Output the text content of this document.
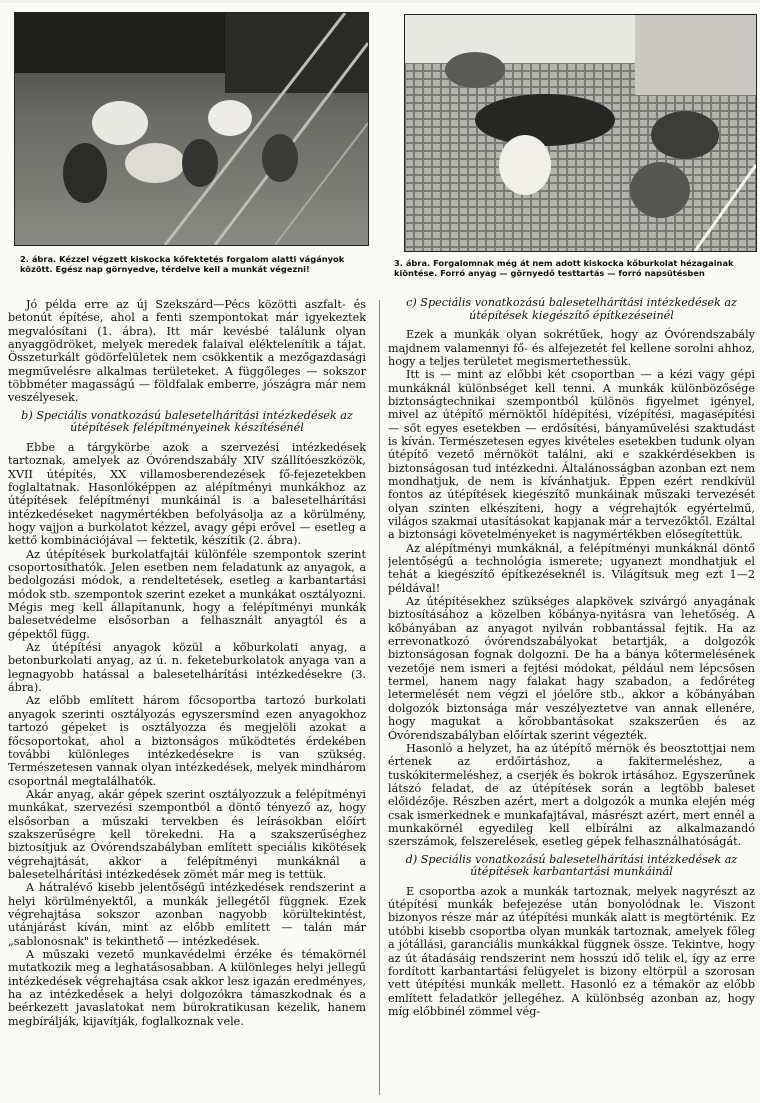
2. ábra. Kézzel végzett kiskocka kőfektetés forgalom alatti vágányok között. Egész nap görnyedve, térdelve kell a munkát végezni!

3. ábra. Forgalomnak még át nem adott kiskocka kőburkolat hézagainak kiöntése. Forró anyag — görnyedő testtartás — forró napsütésben

Jó példa erre az új Szekszárd—Pécs közötti aszfalt- és betonút építése, ahol a fenti szempontokat már igyekeztek megvalósítani (1. ábra). Itt már kevésbé találunk olyan anyaggödröket, melyek meredek falaival eléktelenítik a tájat. Összeturkált gödörfelületek nem csökkentik a mezőgazdasági megművelésre alkalmas területeket. A függőleges — sokszor többméter magasságú — földfalak emberre, jószágra már nem veszélyesek.

b) Speciális vonatkozású balesetelhárítási intézkedések az útépítések felépítményeinek készítésénél

Ebbe a tárgykörbe azok a szervezési intézkedések tartoznak, amelyek az Óvórendszabály XIV szállítóeszközök, XVII útépítés, XX villamosberendezések fő-fejezetekben foglaltatnak. Hasonlóképpen az alépítményi munkákhoz az útépítések felépítményi munkáinál is a balesetelhárítási intézkedéseket nagymértékben befolyásolja az a körülmény, hogy vajjon a burkolatot kézzel, avagy gépi erővel — esetleg a kettő kombinációjával — fektetik, készítik (2. ábra).

Az útépítések burkolatfajtái különféle szempontok szerint csoportosíthatók. Jelen esetben nem feladatunk az anyagok, a bedolgozási módok, a rendeltetések, esetleg a karbantartási módok stb. szempontok szerint ezeket a munkákat osztályozni. Mégis meg kell állapítanunk, hogy a felépítményi munkák balesetvédelme elsősorban a felhasznált anyagtól és a gépektől függ.

Az útépítési anyagok közül a kőburkolati anyag, a betonburkolati anyag, az ú. n. feketeburkolatok anyaga van a legnagyobb hatással a balesetelhárítási intézkedésekre (3. ábra).

Az előbb említett három főcsoportba tartozó burkolati anyagok szerinti osztályozás egyszersmind ezen anyagokhoz tartozó gépeket is osztályozza és megjelöli azokat a főcsoportokat, ahol a biztonságos működtetés érdekében további különleges intézkedésekre is van szükség. Természetesen vannak olyan intézkedések, melyek mindhárom csoportnál megtalálhatók.

Akár anyag, akár gépek szerint osztályozzuk a felépítményi munkákat, szervezési szempontból a döntő tényező az, hogy elsősorban a műszaki tervekben és leírásokban előírt szakszerűségre kell törekedni. Ha a szakszerűséghez biztosítjuk az Óvórendszabályban említett speciális kikötések végrehajtását, akkor a felépítményi munkáknál a balesetelhárítási intézkedések zömét már meg is tettük.

A hátralévő kisebb jelentőségű intézkedések rendszerint a helyi körülményektől, a munkák jellegétől függnek. Ezek végrehajtása sokszor azonban nagyobb körültekintést, utánjárást kíván, mint az előbb említett — talán már „sablonosnak" is tekinthető — intézkedések.

A műszaki vezető munkavédelmi érzéke és témakörnél mutatkozik meg a leghatásosabban. A különleges helyi jellegű intézkedések végrehajtása csak akkor lesz igazán eredményes, ha az intézkedések a helyi dolgozókra támaszkodnak és a beérkezett javaslatokat nem bürokratikusan kezelik, hanem megbírálják, kijavítják, foglalkoznak vele.

c) Speciális vonatkozású balesetelhárítási intézkedések az útépítések kiegészítő építkezéseinél

Ezek a munkák olyan sokrétűek, hogy az Óvórendszabály majdnem valamennyi fő- és alfejezetét fel kellene sorolni ahhoz, hogy a teljes területet megismertethessük.

Itt is — mint az előbbi két csoportban — a kézi vagy gépi munkáknál különbséget kell tenni. A munkák különbözősége biztonságtechnikai szempontból különös figyelmet igényel, mivel az útépítő mérnöktől hídépítési, vízépítési, magasépítési — sőt egyes esetekben — erdősítési, bányaművelési szaktudást is kíván. Természetesen egyes kivételes esetekben tudunk olyan útépítő vezető mérnököt találni, aki e szakkérdésekben is biztonságosan tud intézkedni. Általánosságban azonban ezt nem mondhatjuk, de nem is kívánhatjuk. Éppen ezért rendkívül fontos az útépítések kiegészítő munkáinak műszaki tervezését olyan szinten elkészíteni, hogy a végrehajtók egyértelmű, világos szakmai utasításokat kapjanak már a tervezőktől. Ezáltal a biztonsági követelményeket is nagymértékben elősegítettük.

Az alépítményi munkáknál, a felépítményi munkáknál döntő jelentőségű a technológia ismerete; ugyanezt mondhatjuk el tehát a kiegészítő építkezéseknél is. Világítsuk meg ezt 1—2 példával!

Az útépítésekhez szükséges alapkövek szivárgó anyagának biztosításához a közelben kőbánya-nyitásra van lehetőség. A kőbányában az anyagot nyilván robbantással fejtik. Ha az errevonatkozó óvórendszabályokat betartják, a dolgozók biztonságosan fognak dolgozni. De ha a bánya kőtermelésének vezetője nem ismeri a fejtési módokat, például nem lépcsősen termel, hanem nagy falakat hagy szabadon, a fedőréteg letermelését nem végzi el jóelőre stb., akkor a kőbányában dolgozók biztonsága már veszélyeztetve van annak ellenére, hogy magukat a kőrobbantásokat szakszerűen és az Óvórendszabályban előírtak szerint végezték.

Hasonló a helyzet, ha az útépítő mérnök és beosztottjai nem értenek az erdőirtáshoz, a fakitermeléshez, a tuskókitermeléshez, a cserjék és bokrok irtásához. Egyszerűnek látszó feladat, de az útépítések során a legtöbb baleset előidézője. Részben azért, mert a dolgozók a munka elején még csak ismerkednek e munkafajtával, másrészt azért, mert ennél a munkakörnél egyedileg kell elbírálni az alkalmazandó szerszámok, felszerelések, esetleg gépek felhasználhatóságát.

d) Speciális vonatkozású balesetelhárítási intézkedések az útépítések karbantartási munkáinál

E csoportba azok a munkák tartoznak, melyek nagyrészt az útépítési munkák befejezése után bonyolódnak le. Viszont bizonyos része már az útépítési munkák alatt is megtörténik. Ez utóbbi kisebb csoportba olyan munkák tartoznak, amelyek főleg a jótállási, garanciális munkákkal függnek össze. Tekintve, hogy az út átadásáig rendszerint nem hosszú idő telik el, így az erre fordított karbantartási felügyelet is bizony eltörpül a szorosan vett útépítési munkák mellett. Hasonló ez a témakör az előbb említett feladatkör jellegéhez. A különbség azonban az, hogy míg előbbinél zömmel vég-
